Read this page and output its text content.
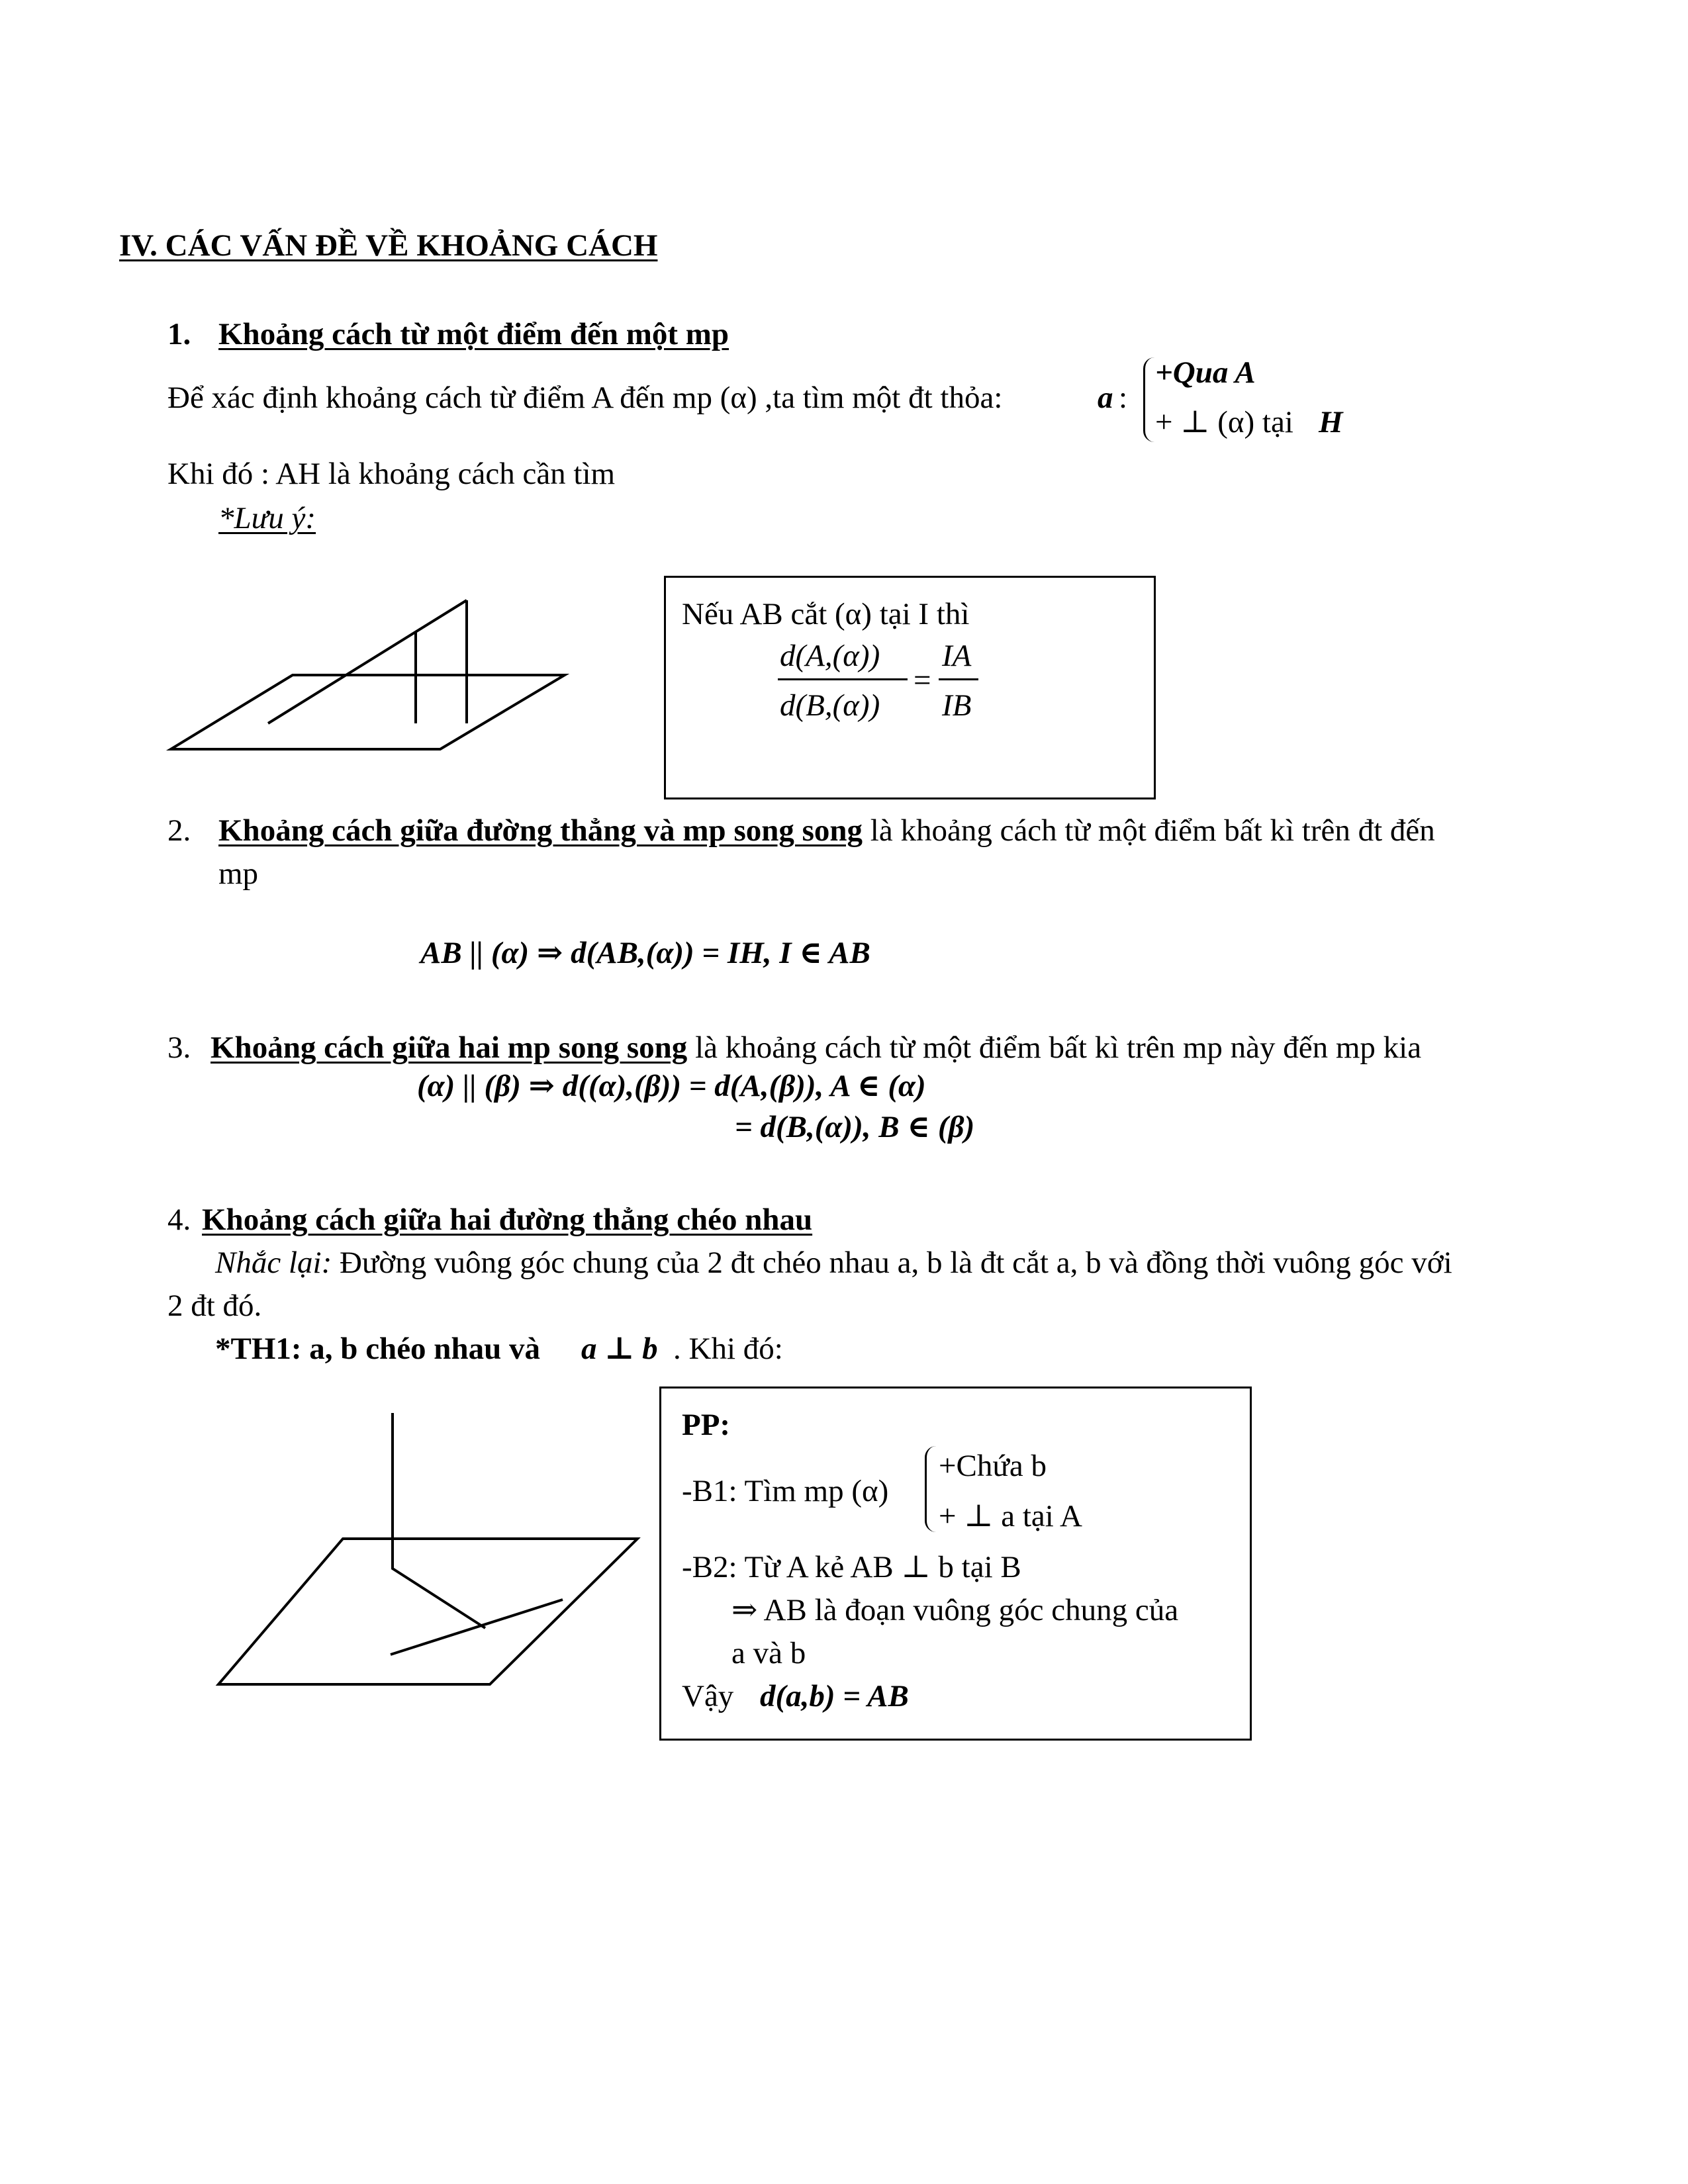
IV. CÁC VẤN ĐỀ VỀ KHOẢNG CÁCH
1. Khoảng cách từ một điểm đến một mp
Để xác định khoảng cách từ điểm A đến mp (α) ,ta tìm một đt thỏa:	a :
+Qua A
+ ⊥ (α) tại H
Khi đó : AH là khoảng cách cần tìm
*Lưu ý:
Nếu AB cắt (α) tại I thì
d(A,(α))
d(B,(α))
=
IA
IB
2. Khoảng cách giữa đường thẳng và mp song song là khoảng cách từ một điểm bất kì trên đt đến
mp
AB || (α) ⇒ d(AB,(α)) = IH, I ∈ AB
3. Khoảng cách giữa hai mp song song là khoảng cách từ một điểm bất kì trên mp này đến mp kia
(α) || (β) ⇒ d((α),(β)) = d(A,(β)), A ∈ (α)
= d(B,(α)), B ∈ (β)
4. Khoảng cách giữa hai đường thẳng chéo nhau
Nhắc lại: Đường vuông góc chung của 2 đt chéo nhau a, b là đt cắt a, b và đồng thời vuông góc với
2 đt đó.
*TH1: a, b chéo nhau và a ⊥ b . Khi đó:
PP:
-B1: Tìm mp (α)
+Chứa b
+ ⊥ a tại A
-B2: Từ A kẻ AB ⊥ b tại B
⇒ AB là đoạn vuông góc chung của
a và b
Vậy d(a,b) = AB
